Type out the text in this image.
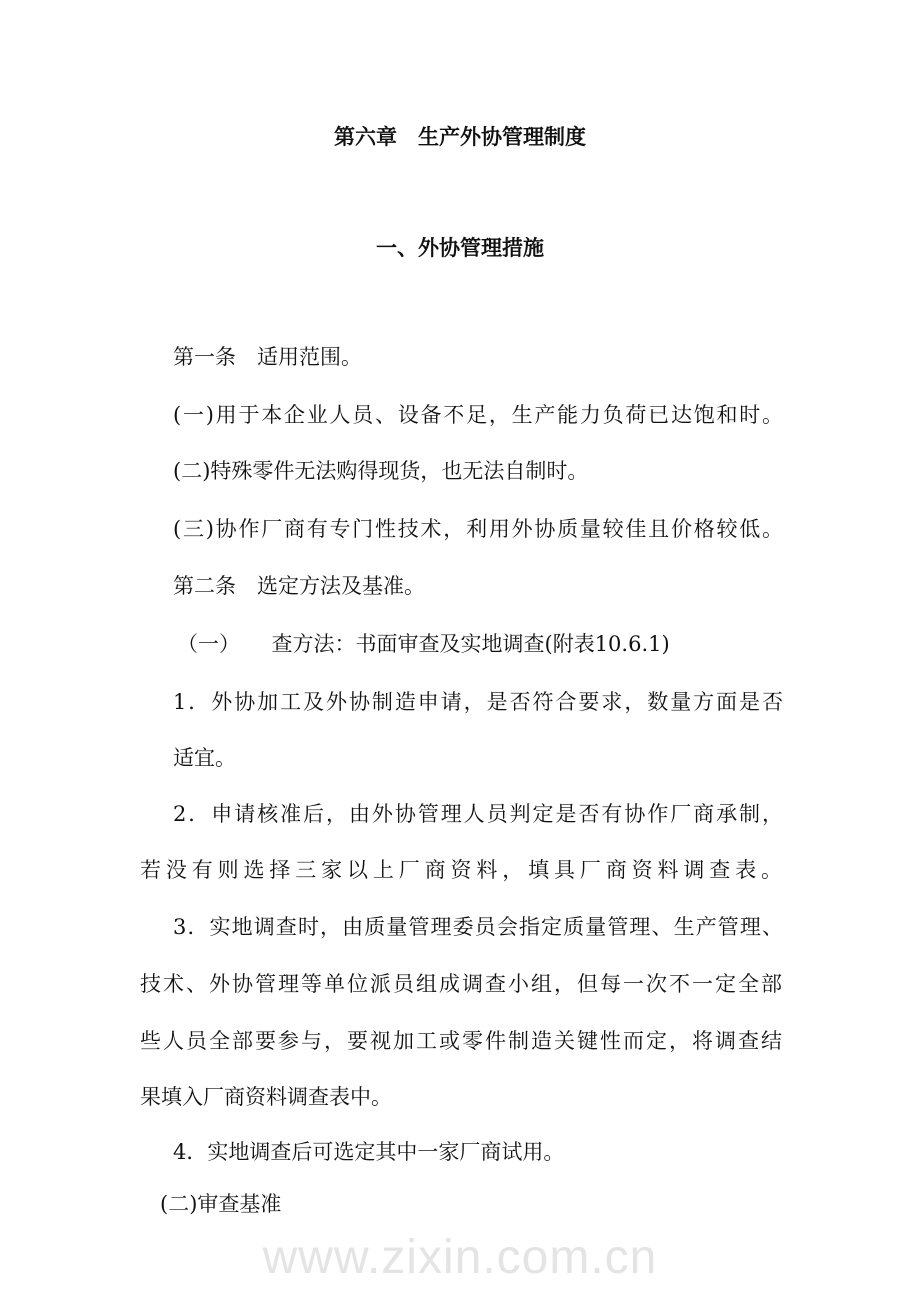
www.zixin.com.cn
第六章　生产外协管理制度
一、外协管理措施
第一条　适用范围。
(一)用于本企业人员、设备不足，生产能力负荷已达饱和时。
(二)特殊零件无法购得现货，也无法自制时。
(三)协作厂商有专门性技术，利用外协质量较佳且价格较低。
第二条　选定方法及基准。
（一）　　查方法：书面审查及实地调查(附表10.6.1)
1．外协加工及外协制造申请，是否符合要求，数量方面是否
适宜。
2．申请核准后，由外协管理人员判定是否有协作厂商承制，
若没有则选择三家以上厂商资料，填具厂商资料调查表。
3．实地调查时，由质量管理委员会指定质量管理、生产管理、
技术、外协管理等单位派员组成调查小组，但每一次不一定全部
些人员全部要参与，要视加工或零件制造关键性而定，将调查结
果填入厂商资料调查表中。
4．实地调查后可选定其中一家厂商试用。
(二)审查基准
